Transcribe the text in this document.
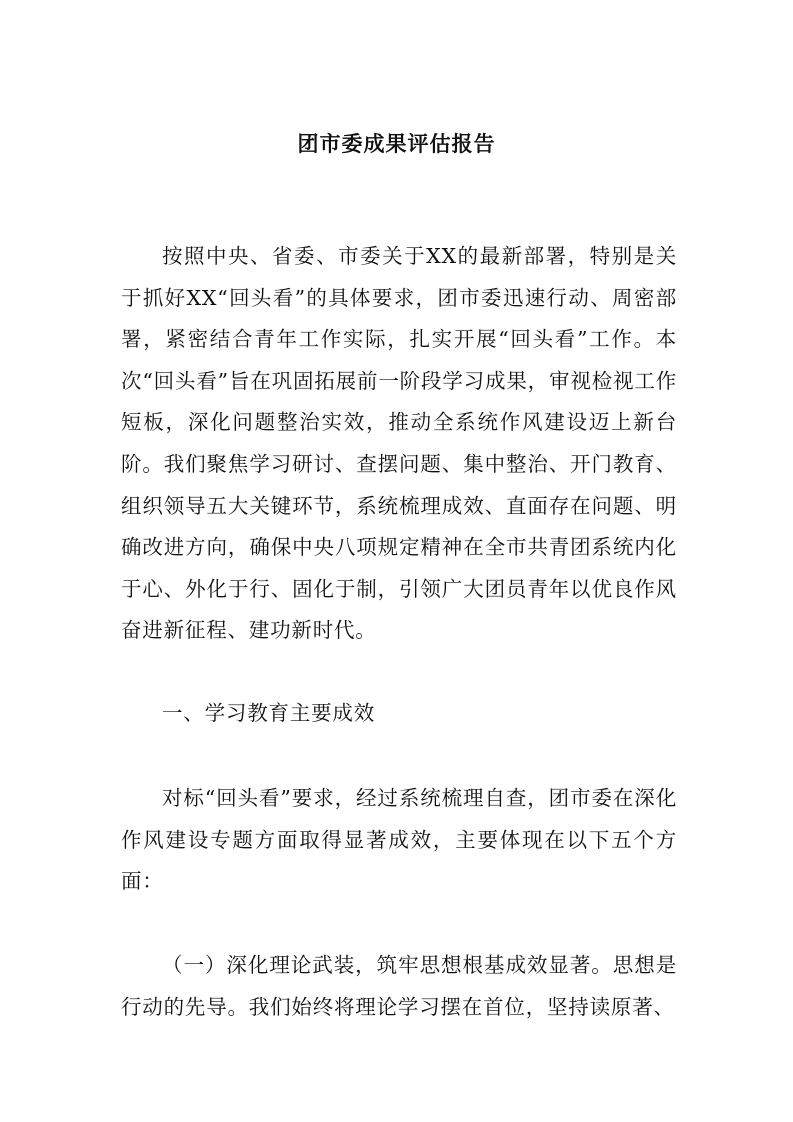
团市委成果评估报告

按照中央、省委、市委关于XX的最新部署，特别是关于抓好XX“回头看”的具体要求，团市委迅速行动、周密部署，紧密结合青年工作实际，扎实开展“回头看”工作。本次“回头看”旨在巩固拓展前一阶段学习成果，审视检视工作短板，深化问题整治实效，推动全系统作风建设迈上新台阶。我们聚焦学习研讨、查摆问题、集中整治、开门教育、组织领导五大关键环节，系统梳理成效、直面存在问题、明确改进方向，确保中央八项规定精神在全市共青团系统内化于心、外化于行、固化于制，引领广大团员青年以优良作风奋进新征程、建功新时代。

一、学习教育主要成效

对标“回头看”要求，经过系统梳理自查，团市委在深化作风建设专题方面取得显著成效，主要体现在以下五个方面：

（一）深化理论武装，筑牢思想根基成效显著。思想是行动的先导。我们始终将理论学习摆在首位，坚持读原著、
